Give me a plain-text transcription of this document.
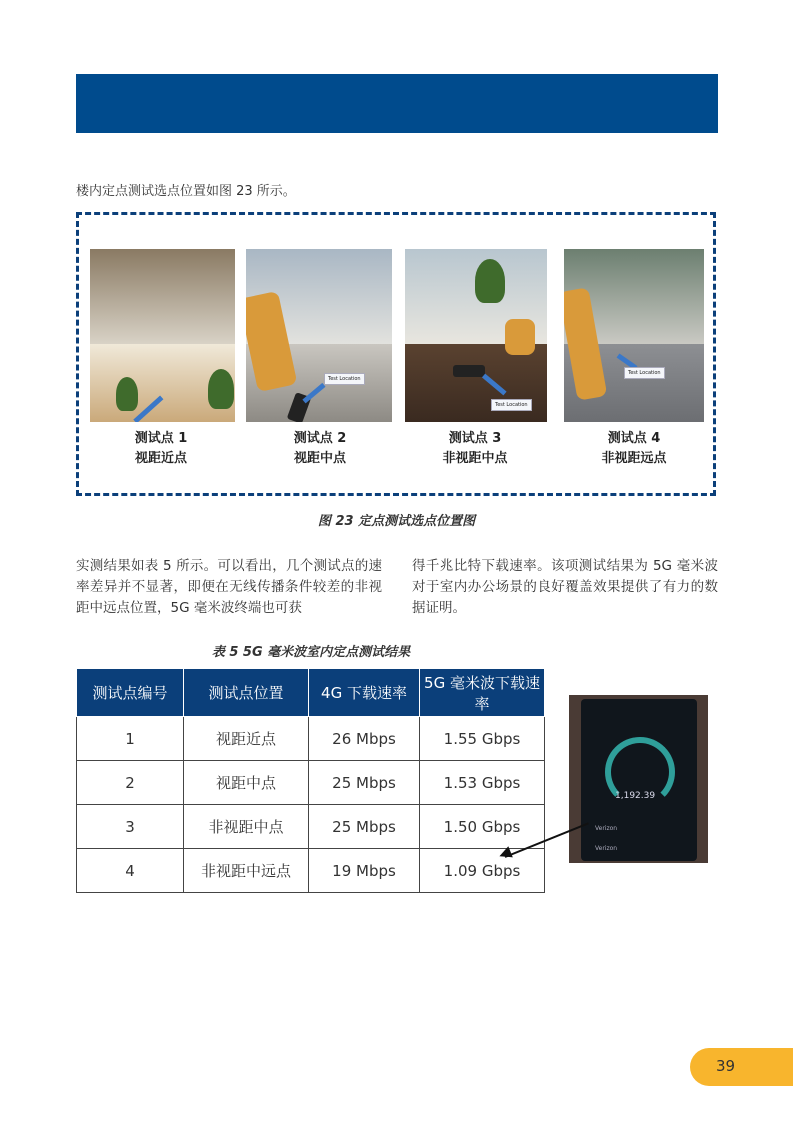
楼内定点测试选点位置如图 23 所示。
Test Location
Test Location
Test Location
测试点 1
视距近点
测试点 2
视距中点
测试点 3
非视距中点
测试点 4
非视距远点
图 23 定点测试选点位置图
实测结果如表 5 所示。可以看出，几个测试点的速率差异并不显著，即便在无线传播条件较差的非视距中远点位置，5G 毫米波终端也可获
得千兆比特下载速率。该项测试结果为 5G 毫米波对于室内办公场景的良好覆盖效果提供了有力的数据证明。
表 5 5G 毫米波室内定点测试结果
测试点编号	测试点位置	4G 下载速率	5G 毫米波下载速率
1	视距近点	26 Mbps	1.55 Gbps
2	视距中点	25 Mbps	1.53 Gbps
3	非视距中点	25 Mbps	1.50 Gbps
4	非视距中远点	19 Mbps	1.09 Gbps
1,192.39
Verizon
Verizon
39
